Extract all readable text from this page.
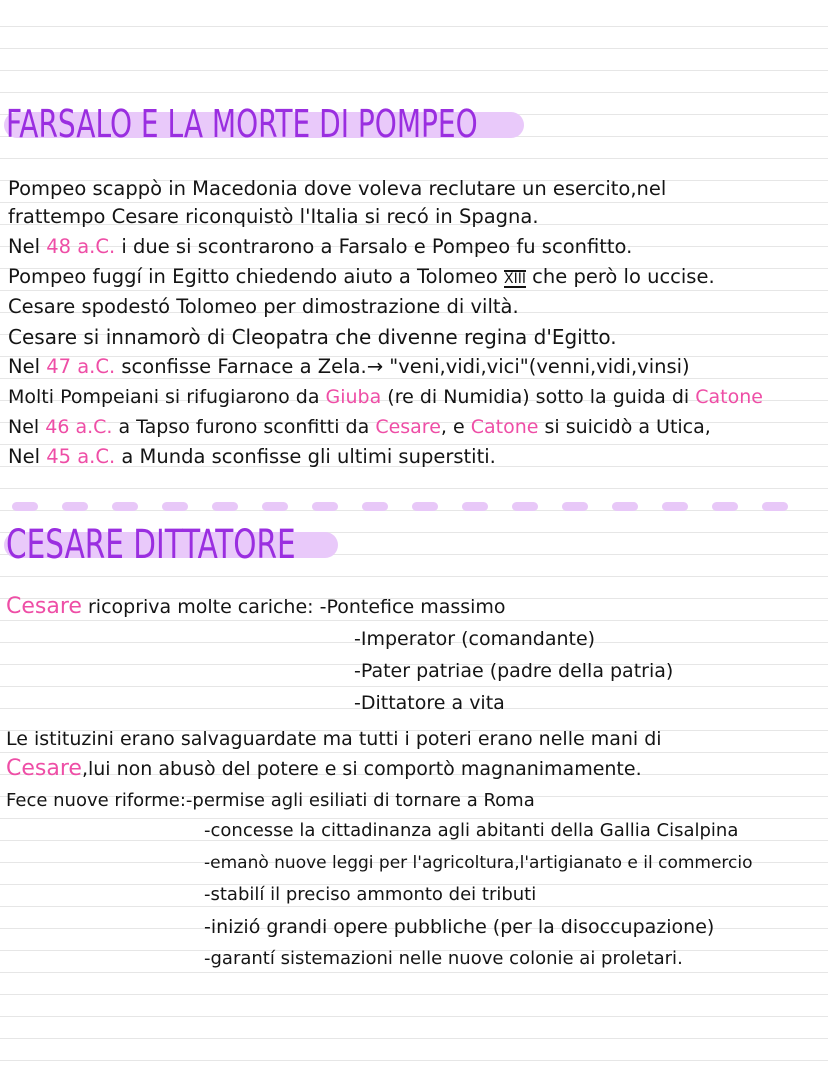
FARSALO E LA MORTE DI POMPEO

Pompeo scappò in Macedonia dove voleva reclutare un esercito,nel

frattempo Cesare riconquistò l'Italia si recó in Spagna.

Nel 48 a.C. i due si scontrarono a Farsalo e Pompeo fu sconfitto.

Pompeo fuggí in Egitto chiedendo aiuto a Tolomeo XIII che però lo uccise.

Cesare spodestó Tolomeo per dimostrazione di viltà.

Cesare si innamorò di Cleopatra che divenne regina d'Egitto.

Nel 47 a.C. sconfisse Farnace a Zela.→ "veni,vidi,vici"(venni,vidi,vinsi)

Molti Pompeiani si rifugiarono da Giuba (re di Numidia) sotto la guida di Catone

Nel 46 a.C. a Tapso furono sconfitti da Cesare, e Catone si suicidò a Utica,

Nel 45 a.C. a Munda sconfisse gli ultimi superstiti.

CESARE DITTATORE

Cesare ricopriva molte cariche: -Pontefice massimo

-Imperator (comandante)

-Pater patriae (padre della patria)

-Dittatore a vita

Le istituzini erano salvaguardate ma tutti i poteri erano nelle mani di

Cesare,lui non abusò del potere e si comportò magnanimamente.

Fece nuove riforme:-permise agli esiliati di tornare a Roma

-concesse la cittadinanza agli abitanti della Gallia Cisalpina

-emanò nuove leggi per l'agricoltura,l'artigianato e il commercio

-stabilí il preciso ammonto dei tributi

-inizió grandi opere pubbliche (per la disoccupazione)

-garantí sistemazioni nelle nuove colonie ai proletari.
